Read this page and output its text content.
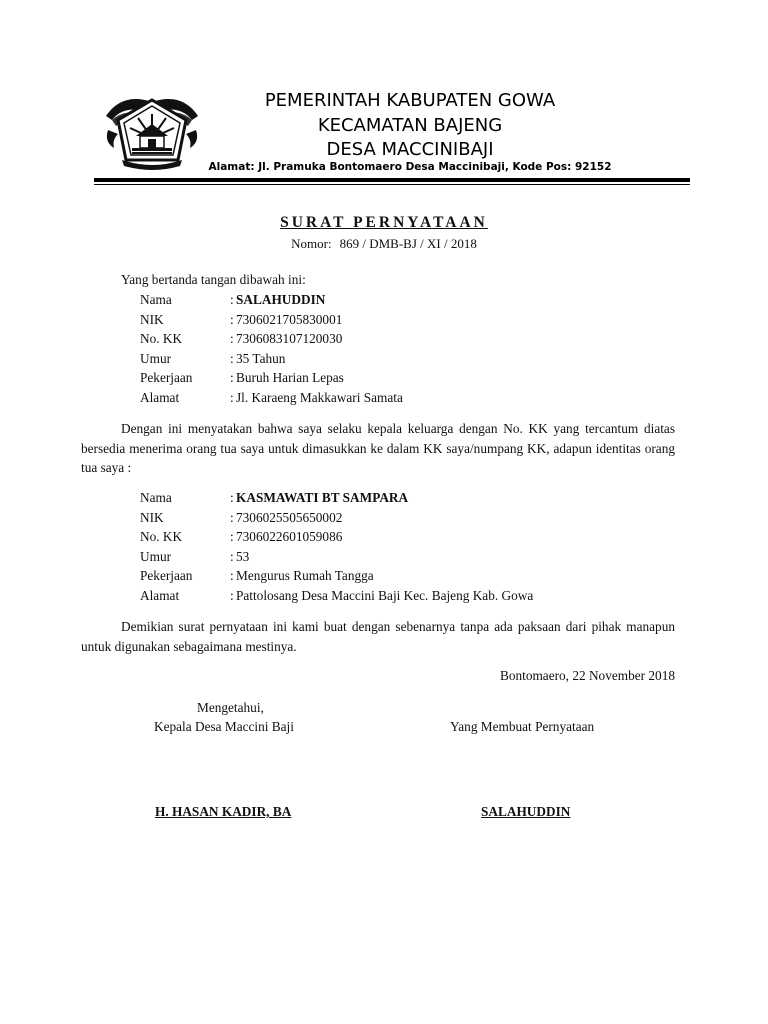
PEMERINTAH KABUPATEN GOWA
KECAMATAN BAJENG
DESA MACCINIBAJI
Alamat: Jl. Pramuka Bontomaero Desa Maccinibaji, Kode Pos: 92152
SURAT PERNYATAAN
Nomor: 869 / DMB-BJ / XI / 2018
Yang bertanda tangan dibawah ini:
Nama	: SALAHUDDIN
NIK	: 7306021705830001
No. KK	: 7306083107120030
Umur	: 35 Tahun
Pekerjaan	: Buruh Harian Lepas
Alamat	: Jl. Karaeng Makkawari Samata

Dengan ini menyatakan bahwa saya selaku kepala keluarga dengan No. KK yang tercantum diatas bersedia menerima orang tua saya untuk dimasukkan ke dalam KK saya/numpang KK, adapun identitas orang tua saya :

Nama	: KASMAWATI BT SAMPARA
NIK	: 7306025505650002
No. KK	: 7306022601059086
Umur	: 53
Pekerjaan	: Mengurus Rumah Tangga
Alamat	: Pattolosang Desa Maccini Baji Kec. Bajeng Kab. Gowa

Demikian surat pernyataan ini kami buat dengan sebenarnya tanpa ada paksaan dari pihak manapun untuk digunakan sebagaimana mestinya.

Bontomaero, 22 November 2018
Mengetahui,
Kepala Desa Maccini Baji	Yang Membuat Pernyataan
H. HASAN KADIR, BA	SALAHUDDIN
